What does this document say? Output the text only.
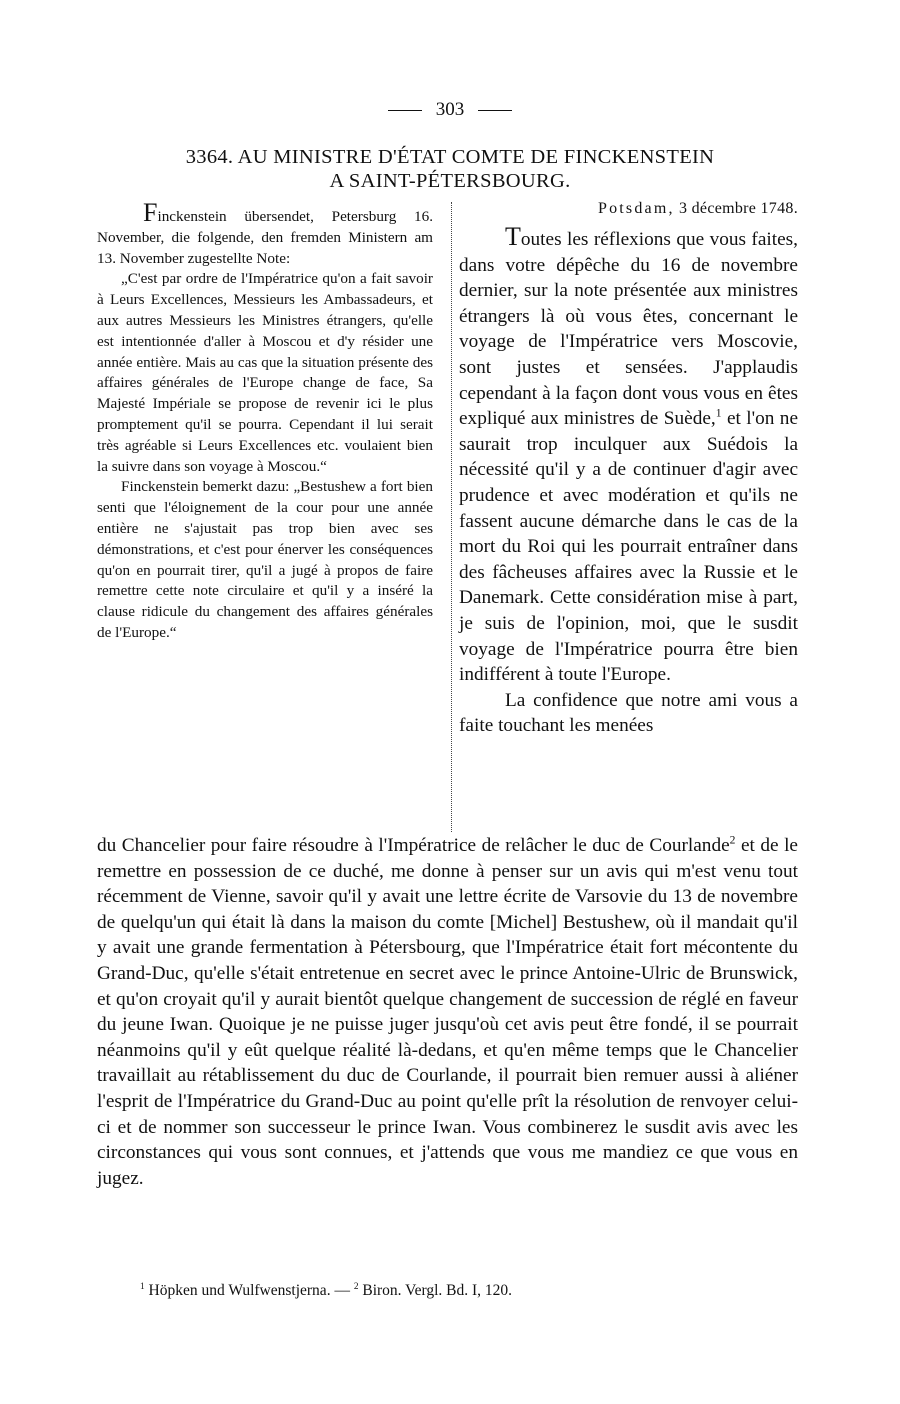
303
3364. AU MINISTRE D'ÉTAT COMTE DE FINCKENSTEIN
A SAINT-PÉTERSBOURG.

Finckenstein übersendet, Petersburg 16. November, die folgende, den fremden Ministern am 13. November zugestellte Note:

„C'est par ordre de l'Impératrice qu'on a fait savoir à Leurs Excellences, Messieurs les Ambassadeurs, et aux autres Messieurs les Ministres étrangers, qu'elle est intentionnée d'aller à Moscou et d'y résider une année entière. Mais au cas que la situation présente des affaires générales de l'Europe change de face, Sa Majesté Impériale se propose de revenir ici le plus promptement qu'il se pourra. Cependant il lui serait très agréable si Leurs Excellences etc. voulaient bien la suivre dans son voyage à Moscou.“

Finckenstein bemerkt dazu: „Bestushew a fort bien senti que l'éloignement de la cour pour une année entière ne s'ajustait pas trop bien avec ses démonstrations, et c'est pour énerver les conséquences qu'on en pourrait tirer, qu'il a jugé à propos de faire remettre cette note circulaire et qu'il y a inséré la clause ridicule du changement des affaires générales de l'Europe.“

Potsdam, 3 décembre 1748.

Toutes les réflexions que vous faites, dans votre dépêche du 16 de novembre dernier, sur la note présentée aux ministres étrangers là où vous êtes, concernant le voyage de l'Impératrice vers Moscovie, sont justes et sensées. J'applaudis cependant à la façon dont vous vous en êtes expliqué aux ministres de Suède,$^1$ et l'on ne saurait trop inculquer aux Suédois la nécessité qu'il y a de continuer d'agir avec prudence et avec modération et qu'ils ne fassent aucune démarche dans le cas de la mort du Roi qui les pourrait entraîner dans des fâcheuses affaires avec la Russie et le Danemark. Cette considération mise à part, je suis de l'opinion, moi, que le susdit voyage de l'Impératrice pourra être bien indifférent à toute l'Europe.

La confidence que notre ami vous a faite touchant les menées

du Chancelier pour faire résoudre à l'Impératrice de relâcher le duc de Courlande$^2$ et de le remettre en possession de ce duché, me donne à penser sur un avis qui m'est venu tout récemment de Vienne, savoir qu'il y avait une lettre écrite de Varsovie du 13 de novembre de quelqu'un qui était là dans la maison du comte [Michel] Bestushew, où il mandait qu'il y avait une grande fermentation à Pétersbourg, que l'Impératrice était fort mécontente du Grand-Duc, qu'elle s'était entretenue en secret avec le prince Antoine-Ulric de Brunswick, et qu'on croyait qu'il y aurait bientôt quelque changement de succession de réglé en faveur du jeune Iwan. Quoique je ne puisse juger jusqu'où cet avis peut être fondé, il se pourrait néanmoins qu'il y eût quelque réalité là-dedans, et qu'en même temps que le Chancelier travaillait au rétablissement du duc de Courlande, il pourrait bien remuer aussi à aliéner l'esprit de l'Impératrice du Grand-Duc au point qu'elle prît la résolution de renvoyer celui-ci et de nommer son successeur le prince Iwan. Vous combinerez le susdit avis avec les circonstances qui vous sont connues, et j'attends que vous me mandiez ce que vous en jugez.
$^1$ Höpken und Wulfwenstjerna. — $^2$ Biron. Vergl. Bd. I, 120.
